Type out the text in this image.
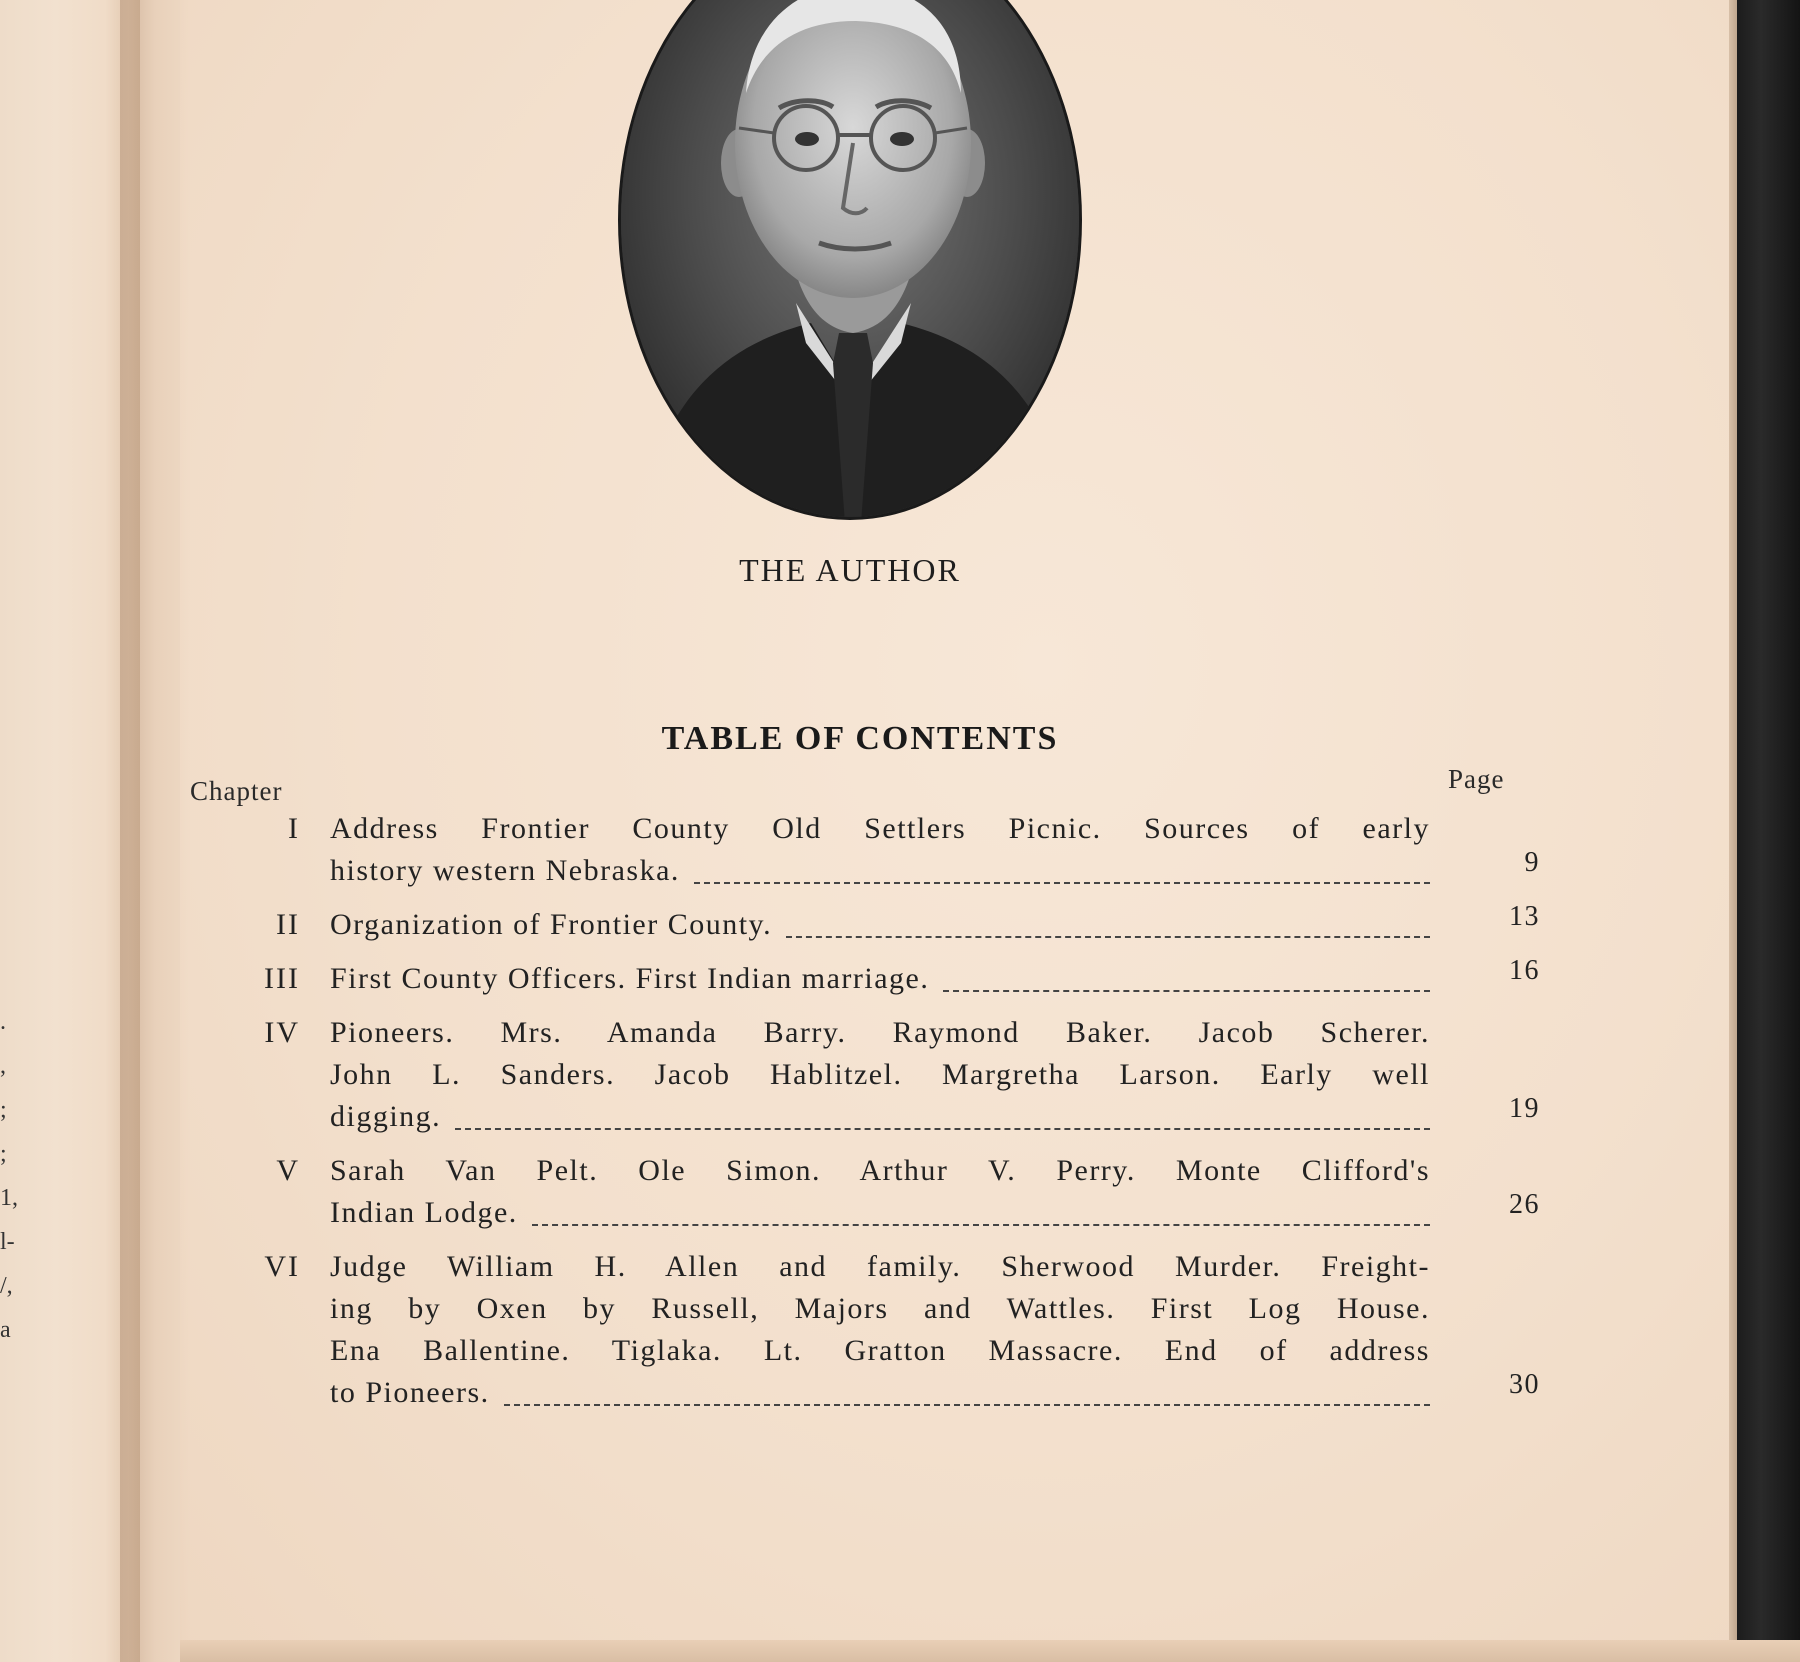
.
,
;
;
1,
l-
/,
a
THE AUTHOR
TABLE OF CONTENTS
Chapter	Page
I	Address Frontier County Old Settlers Picnic. Sources of early
history western Nebraska.	9
II	Organization of Frontier County.	13
III	First County Officers. First Indian marriage.	16
IV	Pioneers. Mrs. Amanda Barry. Raymond Baker. Jacob Scherer.
John L. Sanders. Jacob Hablitzel. Margretha Larson. Early well
digging.	19
V	Sarah Van Pelt. Ole Simon. Arthur V. Perry. Monte Clifford's
Indian Lodge.	26
VI	Judge William H. Allen and family. Sherwood Murder. Freight-
ing by Oxen by Russell, Majors and Wattles. First Log House.
Ena Ballentine. Tiglaka. Lt. Gratton Massacre. End of address
to Pioneers.	30
